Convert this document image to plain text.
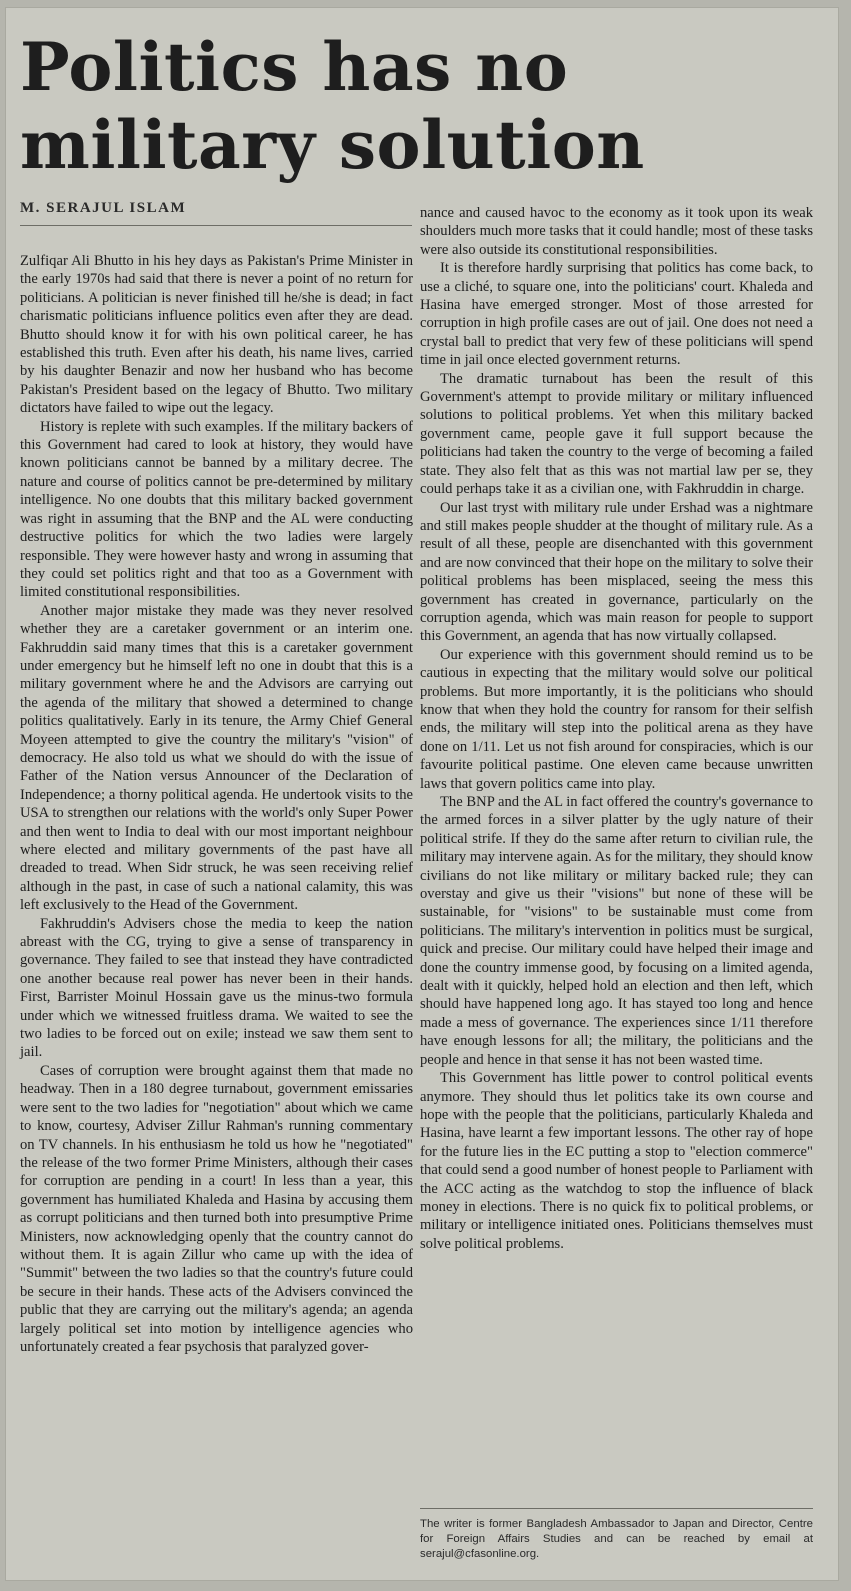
Politics has no military solution
M. SERAJUL ISLAM

Zulfiqar Ali Bhutto in his hey days as Pakistan's Prime Minister in the early 1970s had said that there is never a point of no return for politicians. A politician is never finished till he/she is dead; in fact charismatic politicians influence politics even after they are dead. Bhutto should know it for with his own political career, he has established this truth. Even after his death, his name lives, carried by his daughter Benazir and now her husband who has become Pakistan's President based on the legacy of Bhutto. Two military dictators have failed to wipe out the legacy.

History is replete with such examples. If the military backers of this Government had cared to look at history, they would have known politicians cannot be banned by a military decree. The nature and course of politics cannot be pre-determined by military intelligence. No one doubts that this military backed government was right in assuming that the BNP and the AL were conducting destructive politics for which the two ladies were largely responsible. They were however hasty and wrong in assuming that they could set politics right and that too as a Government with limited constitutional responsibilities.

Another major mistake they made was they never resolved whether they are a caretaker government or an interim one. Fakhruddin said many times that this is a caretaker government under emergency but he himself left no one in doubt that this is a military government where he and the Advisors are carrying out the agenda of the military that showed a determined to change politics qualitatively. Early in its tenure, the Army Chief General Moyeen attempted to give the country the military's "vision" of democracy. He also told us what we should do with the issue of Father of the Nation versus Announcer of the Declaration of Independence; a thorny political agenda. He undertook visits to the USA to strengthen our relations with the world's only Super Power and then went to India to deal with our most important neighbour where elected and military governments of the past have all dreaded to tread. When Sidr struck, he was seen receiving relief although in the past, in case of such a national calamity, this was left exclusively to the Head of the Government.

Fakhruddin's Advisers chose the media to keep the nation abreast with the CG, trying to give a sense of transparency in governance. They failed to see that instead they have contradicted one another because real power has never been in their hands. First, Barrister Moinul Hossain gave us the minus-two formula under which we witnessed fruitless drama. We waited to see the two ladies to be forced out on exile; instead we saw them sent to jail.

Cases of corruption were brought against them that made no headway. Then in a 180 degree turnabout, government emissaries were sent to the two ladies for "negotiation" about which we came to know, courtesy, Adviser Zillur Rahman's running commentary on TV channels. In his enthusiasm he told us how he "negotiated" the release of the two former Prime Ministers, although their cases for corruption are pending in a court! In less than a year, this government has humiliated Khaleda and Hasina by accusing them as corrupt politicians and then turned both into presumptive Prime Ministers, now acknowledging openly that the country cannot do without them. It is again Zillur who came up with the idea of "Summit" between the two ladies so that the country's future could be secure in their hands. These acts of the Advisers convinced the public that they are carrying out the military's agenda; an agenda largely political set into motion by intelligence agencies who unfortunately created a fear psychosis that paralyzed gover-

nance and caused havoc to the economy as it took upon its weak shoulders much more tasks that it could handle; most of these tasks were also outside its constitutional responsibilities.

It is therefore hardly surprising that politics has come back, to use a cliché, to square one, into the politicians' court. Khaleda and Hasina have emerged stronger. Most of those arrested for corruption in high profile cases are out of jail. One does not need a crystal ball to predict that very few of these politicians will spend time in jail once elected government returns.

The dramatic turnabout has been the result of this Government's attempt to provide military or military influenced solutions to political problems. Yet when this military backed government came, people gave it full support because the politicians had taken the country to the verge of becoming a failed state. They also felt that as this was not martial law per se, they could perhaps take it as a civilian one, with Fakhruddin in charge.

Our last tryst with military rule under Ershad was a nightmare and still makes people shudder at the thought of military rule. As a result of all these, people are disenchanted with this government and are now convinced that their hope on the military to solve their political problems has been misplaced, seeing the mess this government has created in governance, particularly on the corruption agenda, which was main reason for people to support this Government, an agenda that has now virtually collapsed.

Our experience with this government should remind us to be cautious in expecting that the military would solve our political problems. But more importantly, it is the politicians who should know that when they hold the country for ransom for their selfish ends, the military will step into the political arena as they have done on 1/11. Let us not fish around for conspiracies, which is our favourite political pastime. One eleven came because unwritten laws that govern politics came into play.

The BNP and the AL in fact offered the country's governance to the armed forces in a silver platter by the ugly nature of their political strife. If they do the same after return to civilian rule, the military may intervene again. As for the military, they should know civilians do not like military or military backed rule; they can overstay and give us their "visions" but none of these will be sustainable, for "visions" to be sustainable must come from politicians. The military's intervention in politics must be surgical, quick and precise. Our military could have helped their image and done the country immense good, by focusing on a limited agenda, dealt with it quickly, helped hold an election and then left, which should have happened long ago. It has stayed too long and hence made a mess of governance. The experiences since 1/11 therefore have enough lessons for all; the military, the politicians and the people and hence in that sense it has not been wasted time.

This Government has little power to control political events anymore. They should thus let politics take its own course and hope with the people that the politicians, particularly Khaleda and Hasina, have learnt a few important lessons. The other ray of hope for the future lies in the EC putting a stop to "election commerce" that could send a good number of honest people to Parliament with the ACC acting as the watchdog to stop the influence of black money in elections. There is no quick fix to political problems, or military or intelligence initiated ones. Politicians themselves must solve political problems.

The writer is former Bangladesh Ambassador to Japan and Director, Centre for Foreign Affairs Studies and can be reached by email at serajul@cfasonline.org.
